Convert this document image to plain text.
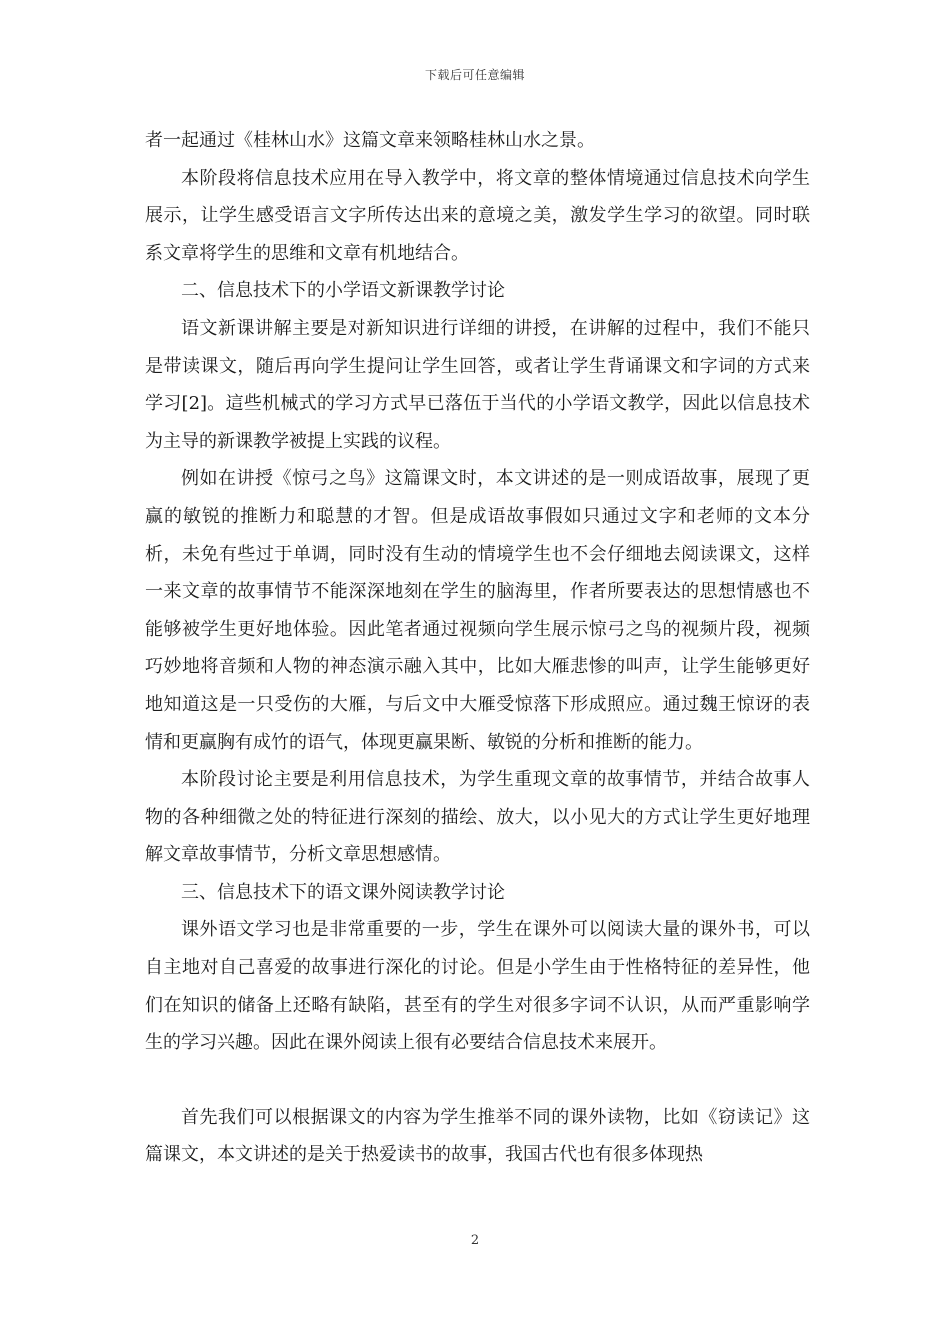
下载后可任意编辑

者一起通过《桂林山水》这篇文章来领略桂林山水之景。

本阶段将信息技术应用在导入教学中，将文章的整体情境通过信息技术向学生展示，让学生感受语言文字所传达出来的意境之美，激发学生学习的欲望。同时联系文章将学生的思维和文章有机地结合。

二、信息技术下的小学语文新课教学讨论

语文新课讲解主要是对新知识进行详细的讲授，在讲解的过程中，我们不能只是带读课文，随后再向学生提问让学生回答，或者让学生背诵课文和字词的方式来学习[2]。這些机械式的学习方式早已落伍于当代的小学语文教学，因此以信息技术为主导的新课教学被提上实践的议程。

例如在讲授《惊弓之鸟》这篇课文时，本文讲述的是一则成语故事，展现了更赢的敏锐的推断力和聪慧的才智。但是成语故事假如只通过文字和老师的文本分析，未免有些过于单调，同时没有生动的情境学生也不会仔细地去阅读课文，这样一来文章的故事情节不能深深地刻在学生的脑海里，作者所要表达的思想情感也不能够被学生更好地体验。因此笔者通过视频向学生展示惊弓之鸟的视频片段，视频巧妙地将音频和人物的神态演示融入其中，比如大雁悲惨的叫声，让学生能够更好地知道这是一只受伤的大雁，与后文中大雁受惊落下形成照应。通过魏王惊讶的表情和更赢胸有成竹的语气，体现更赢果断、敏锐的分析和推断的能力。

本阶段讨论主要是利用信息技术，为学生重现文章的故事情节，并结合故事人物的各种细微之处的特征进行深刻的描绘、放大，以小见大的方式让学生更好地理解文章故事情节，分析文章思想感情。

三、信息技术下的语文课外阅读教学讨论

课外语文学习也是非常重要的一步，学生在课外可以阅读大量的课外书，可以自主地对自己喜爱的故事进行深化的讨论。但是小学生由于性格特征的差异性，他们在知识的储备上还略有缺陷，甚至有的学生对很多字词不认识，从而严重影响学生的学习兴趣。因此在课外阅读上很有必要结合信息技术来展开。

首先我们可以根据课文的内容为学生推举不同的课外读物，比如《窃读记》这篇课文，本文讲述的是关于热爱读书的故事，我国古代也有很多体现热

2
